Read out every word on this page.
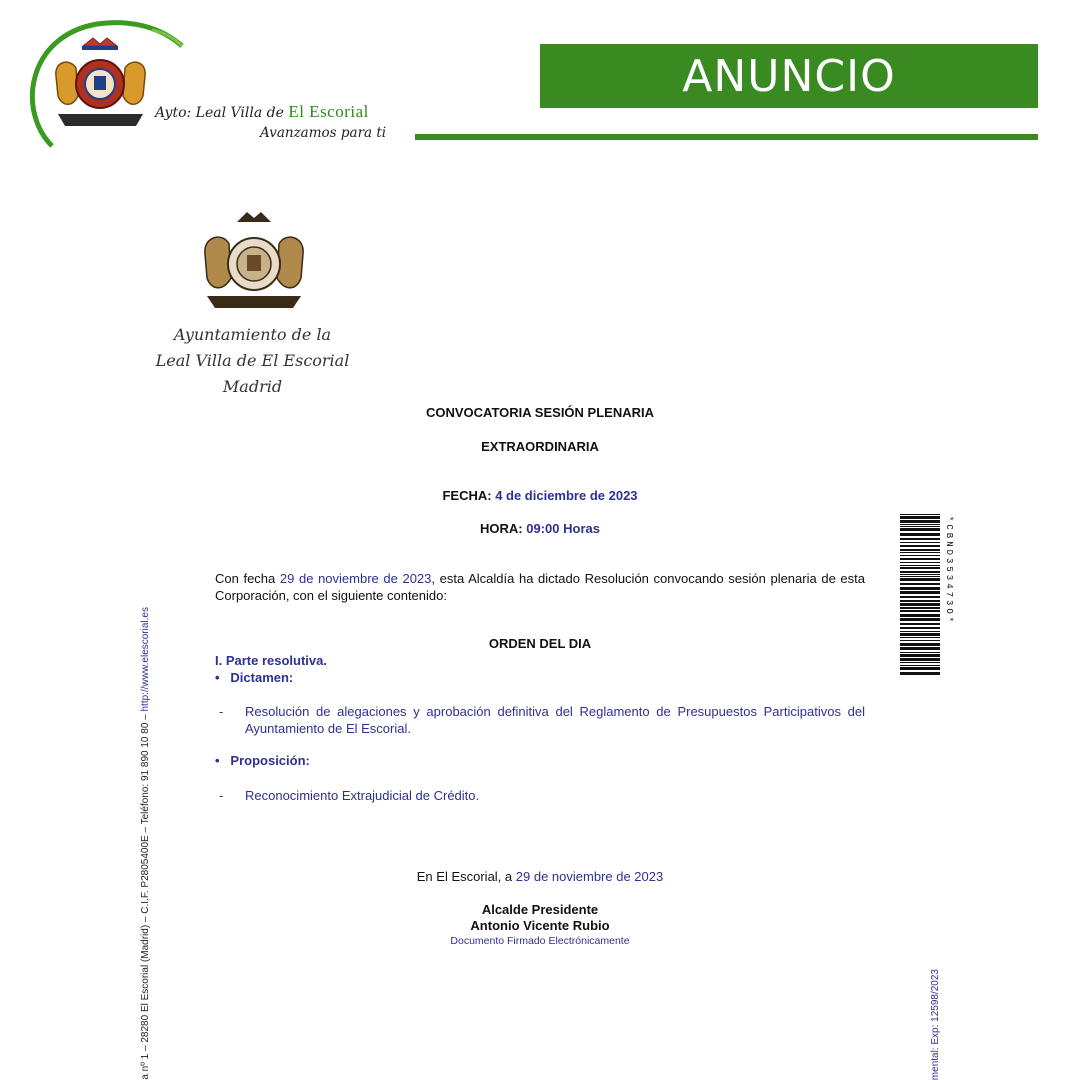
Ayto: Leal Villa de El Escorial
Avanzamos para ti
ANUNCIO
Ayuntamiento de la
Leal Villa de El Escorial
Madrid
CONVOCATORIA SESIÓN PLENARIA
EXTRAORDINARIA
FECHA: 4 de diciembre de 2023
HORA: 09:00 Horas
Con fecha 29 de noviembre de 2023, esta Alcaldía ha dictado Resolución convocando sesión plenaria de esta Corporación, con el siguiente contenido:
ORDEN DEL DIA
I. Parte resolutiva.
• Dictamen:
- Resolución de alegaciones y aprobación definitiva del Reglamento de Presupuestos Participativos del Ayuntamiento de El Escorial.
• Proposición:
- Reconocimiento Extrajudicial de Crédito.
En El Escorial, a 29 de noviembre de 2023
Alcalde Presidente
Antonio Vicente Rubio
Documento Firmado Electrónicamente
*CBND353473O*
a nº 1 – 28280 El Escorial (Madrid) – C.I.F. P2805400E – Teléfono: 91 890 10 80 – http://www.elescorial.es
mental: Exp: 12598/2023
